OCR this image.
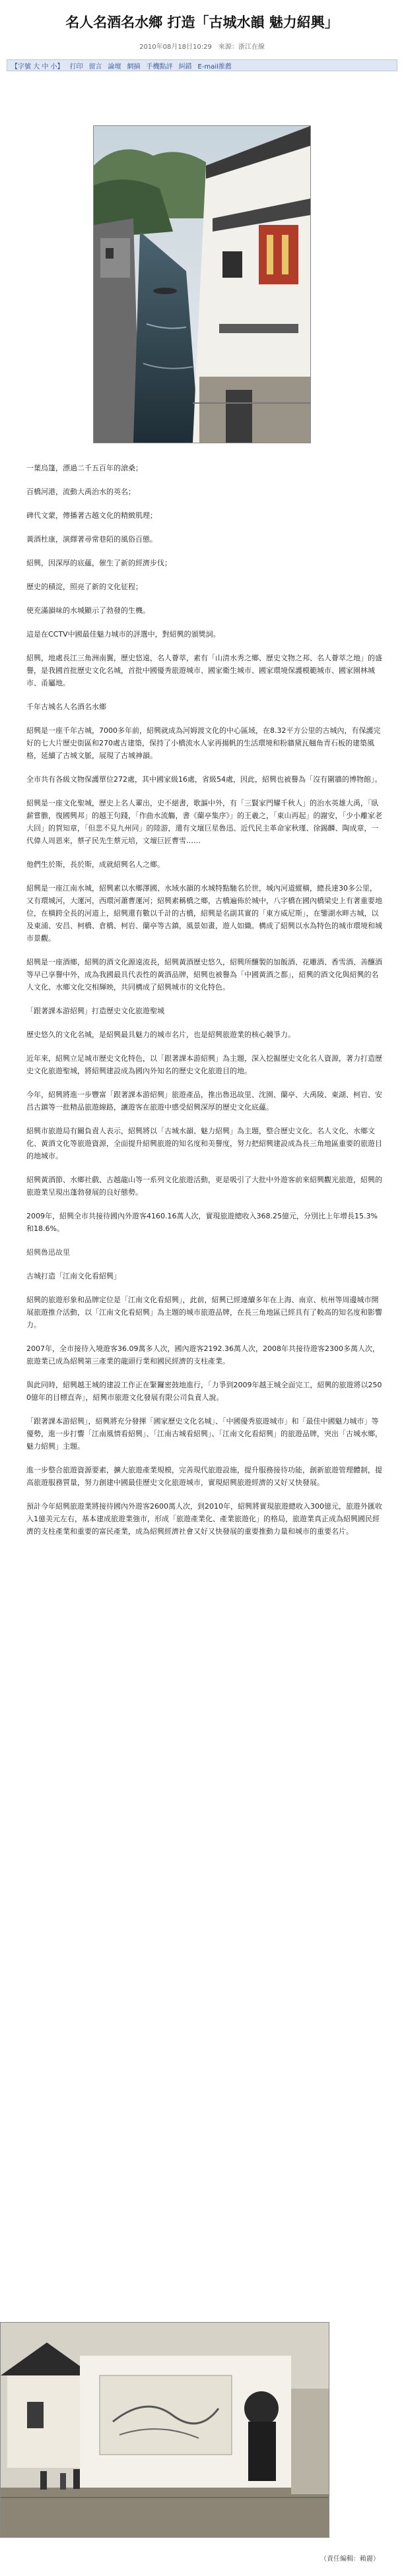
名人名酒名水鄉 打造「古城水韻 魅力紹興」
2010年08月18日10:29　來源：浙江在線
【字號 大 中 小】 打印 留言 論壇 網摘 手機點評 糾錯 E-mail推薦

一葉烏篷，漂過二千五百年的滄桑；

百橋河港，流動大禹治水的英名；

碑代文蒙，傳播著古越文化的精緻肌理；

黃酒杜康，演繹著尋常巷陌的風俗百態。

紹興，因深厚的底蘊，催生了新的經濟步伐；

歷史的積淀，照亮了新的文化征程；

使充滿韻味的水城顯示了勃發的生機。

這是在CCTV中國最佳魅力城市的評選中，對紹興的頒獎詞。

紹興，地處長江三角洲南翼，歷史悠遠，名人薈萃，素有「山清水秀之鄉、歷史文物之邦、名人薈萃之地」的盛譽，是我國首批歷史文化名城，首批中國優秀旅遊城市、國家衛生城市、國家環境保護模範城市、國家園林城市、甬屬地。

千年古城名人名酒名水鄉

紹興是一座千年古城，7000多年前，紹興就成為河姆渡文化的中心區域，在8.32平方公里的古城內，有保護完好的七大片歷史街區和270處古建築，保持了小橋流水人家再揚帆的生活環境和粉牆黛瓦翹角青石板的建築風格，延續了古城文脈，展現了古城神韻。

全市共有各級文物保護單位272處，其中國家級16處，省級54處，因此，紹興也被譽為「沒有圍牆的博物館」。

紹興是一座文化聖城，歷史上名人輩出，史不絕書，歌謳中外，有「三賢家門耀千秋人」的治水英雄大禹，「臥薪嘗膽，復國興邦」的越王句踐，「作曲水流觴，書《蘭亭集序》」的王羲之，「東山再起」的謝安，「少小離家老大回」的賀知章，「但悲不見九州同」的陸游，還有文壇巨星魯迅、近代民主革命家秋瑾、徐錫麟、陶成章，一代偉人周恩來，蔡孑民先生蔡元培，文壇巨匠曹雪……

他們生於斯，長於斯，成就紹興名人之鄉。

紹興是一座江南水城，紹興素以水鄉澤國、水域水韻的水城特點馳名於世，城內河道縱橫，總長達30多公里，又有環城河，大運河，西環河蕭曹運河；紹興素稱橋之鄉，古橋遍佈於城中，八字橋在國內橋梁史上有著重要地位，在橫跨全長的河道上，紹興還有數以千計的古橋，紹興是名副其實的「東方威尼斯」，在鑒湖水畔古城，以及東浦、安昌、柯橋、倉橋、柯岩、蘭亭等古鎮，風景如畫，遊人如織。構成了紹興以水為特色的城市環境和城市景觀。

紹興是一座酒鄉，紹興的酒文化源遠流長，紹興黃酒歷史悠久，紹興所釀製的加飯酒、花雕酒、香雪酒、善釀酒等早已享譽中外，成為我國最具代表性的黃酒品牌，紹興也被譽為「中國黃酒之都」，紹興的酒文化與紹興的名人文化、水鄉文化交相輝映，共同構成了紹興城市的文化特色。

「跟著課本游紹興」打造歷史文化旅遊聖城

歷史悠久的文化名城，是紹興最具魅力的城市名片，也是紹興旅遊業的核心競爭力。

近年來，紹興立足城市歷史文化特色，以「跟著課本游紹興」為主題，深入挖掘歷史文化名人資源，著力打造歷史文化旅遊聖城，將紹興建設成為國內外知名的歷史文化旅遊目的地。

今年，紹興將進一步豐富「跟著課本游紹興」旅遊產品，推出魯迅故里、沈園、蘭亭、大禹陵、東湖、柯岩、安昌古鎮等一批精品旅遊線路，讓遊客在旅遊中感受紹興深厚的歷史文化底蘊。

紹興市旅遊局有關負責人表示，紹興將以「古城水韻、魅力紹興」為主題，整合歷史文化、名人文化、水鄉文化、黃酒文化等旅遊資源，全面提升紹興旅遊的知名度和美譽度，努力把紹興建設成為長三角地區重要的旅遊目的地城市。

紹興黃酒節、水鄉社戲、古越龍山等一系列文化旅遊活動，更是吸引了大批中外遊客前來紹興觀光旅遊，紹興的旅遊業呈現出蓬勃發展的良好態勢。

2009年，紹興全市共接待國內外遊客4160.16萬人次，實現旅遊總收入368.25億元，分別比上年增長15.3%和18.6%。

紹興魯迅故里

古城打造「江南文化看紹興」

紹興的旅遊形象和品牌定位是「江南文化看紹興」，此前，紹興已經連續多年在上海、南京、杭州等周邊城市開展旅遊推介活動，以「江南文化看紹興」為主題的城市旅遊品牌，在長三角地區已經具有了較高的知名度和影響力。

2007年，全市接待入境遊客36.09萬多人次，國內遊客2192.36萬人次，2008年共接待遊客2300多萬人次，旅遊業已成為紹興第三產業的龍頭行業和國民經濟的支柱產業。

與此同時，紹興越王城的建設工作正在緊鑼密鼓地進行，「力爭到2009年越王城全面完工，紹興的旅遊將以2500億年的目標直奔」，紹興市旅遊文化發展有限公司負責人說。

「跟著課本游紹興」，紹興將充分發揮「國家歷史文化名城」、「中國優秀旅遊城市」和「最佳中國魅力城市」等優勢，進一步打響「江南風情看紹興」、「江南古城看紹興」、「江南文化看紹興」的旅遊品牌，突出「古城水鄉，魅力紹興」主題。

進一步整合旅遊資源要素，擴大旅遊產業規模，完善現代旅遊設施，提升服務接待功能，創新旅遊管理體制，提高旅遊服務質量，努力創建中國最佳歷史文化旅遊城市，實現紹興旅遊經濟的又好又快發展。

預計今年紹興旅遊業將接待國內外遊客2600萬人次，到2010年，紹興將實現旅遊總收入300億元，旅遊外匯收入1億美元左右，基本建成旅遊業強市，形成「旅遊產業化、產業旅遊化」的格局，旅遊業真正成為紹興國民經濟的支柱產業和重要的富民產業，成為紹興經濟社會又好又快發展的重要推動力量和城市的重要名片。

（責任編輯：賴麗）
